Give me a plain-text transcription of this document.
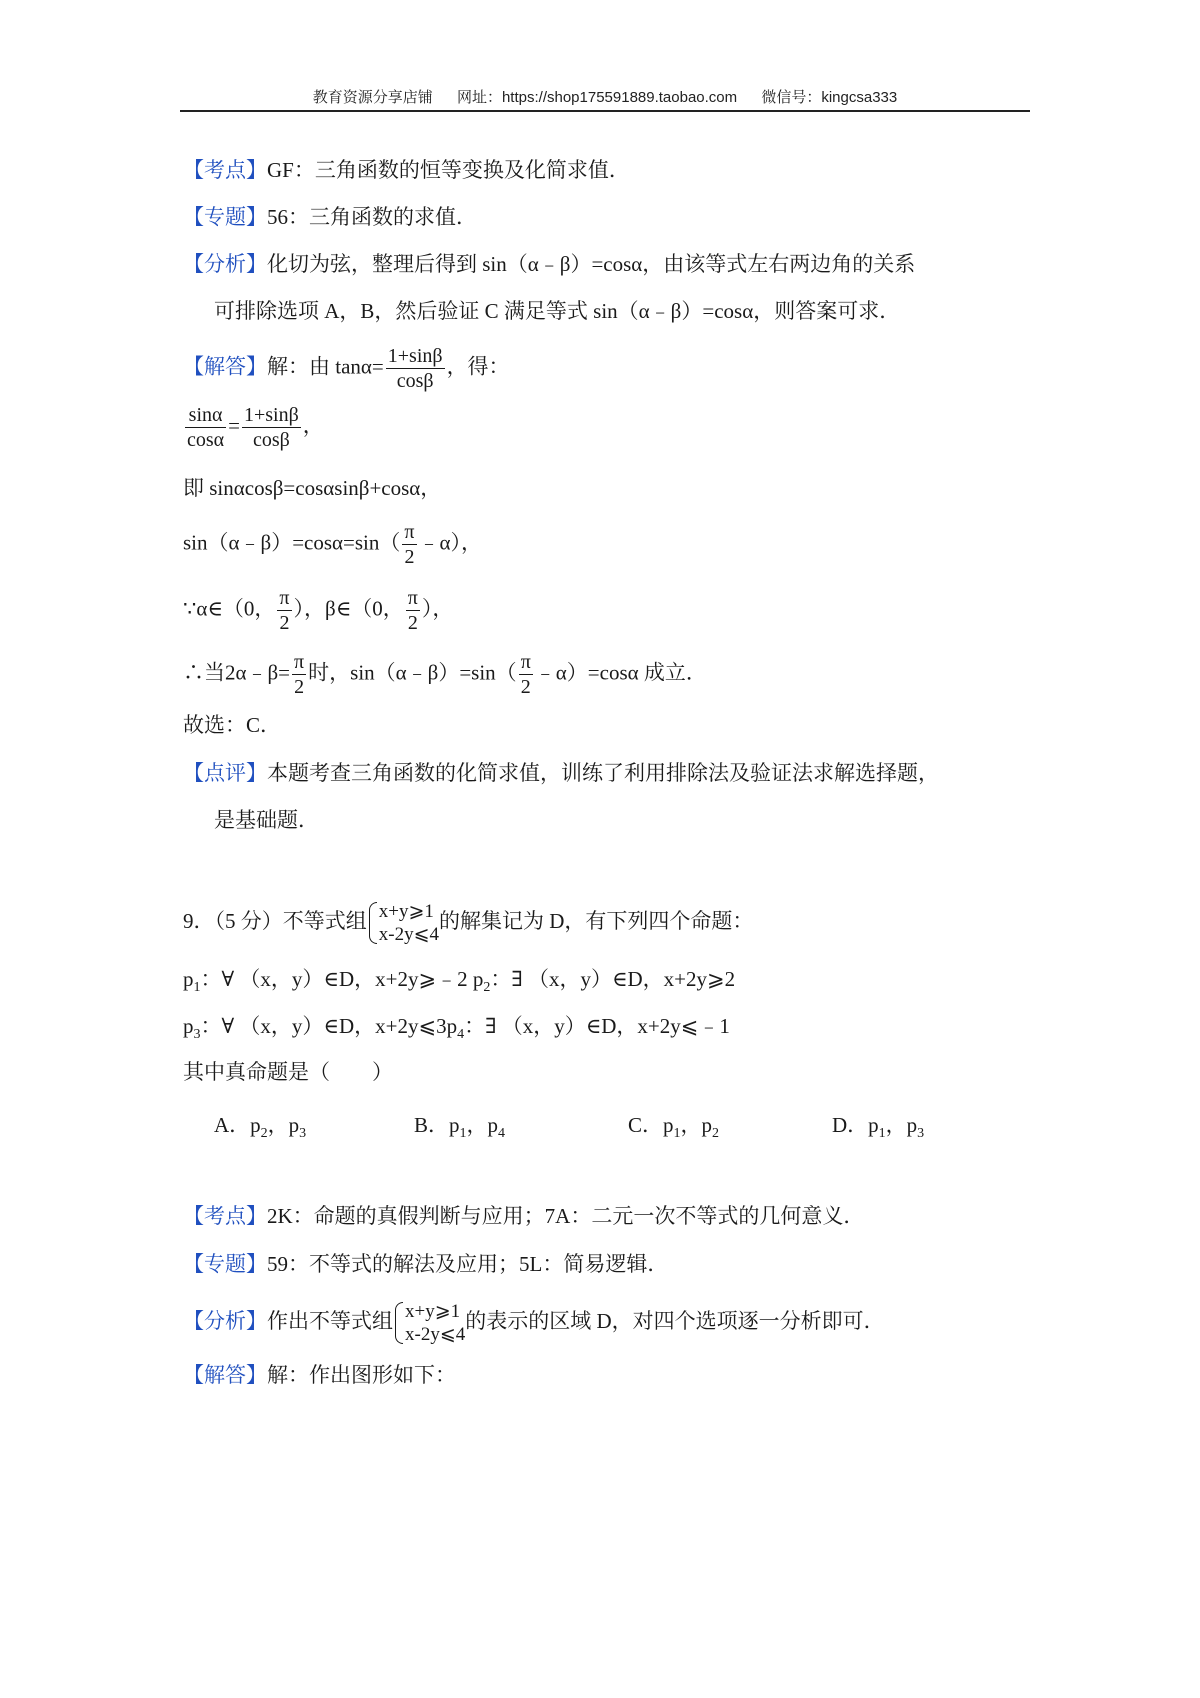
教育资源分享店铺 网址：https://shop175591889.taobao.com 微信号：kingcsa333
【考点】GF：三角函数的恒等变换及化简求值．
【专题】56：三角函数的求值．
【分析】化切为弦，整理后得到 sin（α﹣β）=cosα，由该等式左右两边角的关系
可排除选项 A，B，然后验证 C 满足等式 sin（α﹣β）=cosα，则答案可求．
【解答】解：由 $\tan\alpha= \frac{1+\sin\beta}{\cos\beta}$ ，得：
$\frac{\sin\alpha}{\cos\alpha} = \frac{1+\sin\beta}{\cos\beta}$ ，
即 sinαcosβ=cosαsinβ+cosα，
sin（α﹣β）=cosα=sin（ $\frac{\pi}{2}$ ﹣α），
∵α∈（0， $\frac{\pi}{2}$ ），β∈（0， $\frac{\pi}{2}$ ），
∴当2α﹣β= $\frac{\pi}{2}$ 时，sin（α﹣β）=sin（ $\frac{\pi}{2}$ ﹣α）=cosα 成立．
故选：C．
【点评】本题考查三角函数的化简求值，训练了利用排除法及验证法求解选择题，
是基础题．
9．（5 分）不等式组 x+y⩾1
x-2y⩽4
的解集记为 D，有下列四个命题：
$p_1$：∀ （x，y）∈D，x+2y⩾﹣2 $p_2$：∃ （x，y）∈D，x+2y⩾2
$p_3$：∀ （x，y）∈D，$x+2y⩽3p_4$：∃ （x，y）∈D，x+2y⩽﹣1
其中真命题是（　　）
A．$p_2$，$p_3$	B．$p_1$，$p_4$	C．$p_1$，$p_2$	D．$p_1$，$p_3$
【考点】2K：命题的真假判断与应用；7A：二元一次不等式的几何意义．
【专题】59：不等式的解法及应用；5L：简易逻辑．
【分析】作出不等式组 x+y⩾1
x-2y⩽4
的表示的区域 D，对四个选项逐一分析即可．
【解答】解：作出图形如下：
